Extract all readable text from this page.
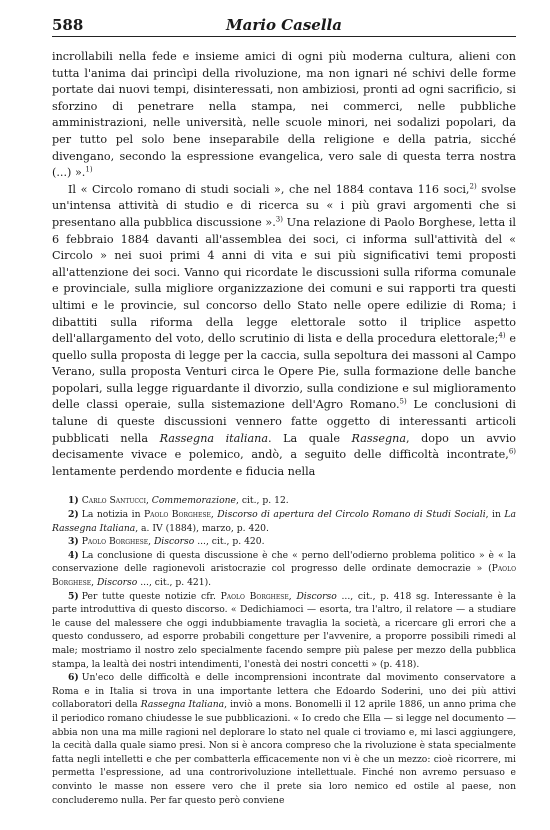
588	Mario Casella

incrollabili nella fede e insieme amici di ogni più moderna cultura, alieni con tutta l'anima dai princìpi della rivoluzione, ma non ignari né schivi delle forme portate dai nuovi tempi, disinteressati, non ambiziosi, pronti ad ogni sacrificio, si sforzino di penetrare nella stampa, nei commerci, nelle pubbliche amministrazioni, nelle università, nelle scuole minori, nei sodalizi popolari, da per tutto pel solo bene inseparabile della religione e della patria, sicché divengano, secondo la espressione evangelica, vero sale di questa terra nostra (...) ».$^{1)}$

Il « Circolo romano di studi sociali », che nel 1884 contava 116 soci,$^{2)}$ svolse un'intensa attività di studio e di ricerca su « i più gravi argomenti che si presentano alla pubblica discussione ».$^{3)}$ Una relazione di Paolo Borghese, letta il 6 febbraio 1884 davanti all'assemblea dei soci, ci informa sull'attività del « Circolo » nei suoi primi 4 anni di vita e sui più significativi temi proposti all'attenzione dei soci. Vanno qui ricordate le discussioni sulla riforma comunale e provinciale, sulla migliore organizzazione dei comuni e sui rapporti tra questi ultimi e le provincie, sul concorso dello Stato nelle opere edilizie di Roma; i dibattiti sulla riforma della legge elettorale sotto il triplice aspetto dell'allargamento del voto, dello scrutinio di lista e della procedura elettorale;$^{4)}$ e quello sulla proposta di legge per la caccia, sulla sepoltura dei massoni al Campo Verano, sulla proposta Venturi circa le Opere Pie, sulla formazione delle banche popolari, sulla legge riguardante il divorzio, sulla condizione e sul miglioramento delle classi operaie, sulla sistemazione dell'Agro Romano.$^{5)}$ Le conclusioni di talune di queste discussioni vennero fatte oggetto di interessanti articoli pubblicati nella Rassegna italiana. La quale Rassegna, dopo un avvio decisamente vivace e polemico, andò, a seguito delle difficoltà incontrate,$^{6)}$ lentamente perdendo mordente e fiducia nella

1) Carlo Santucci, Commemorazione, cit., p. 12.

2) La notizia in Paolo Borghese, Discorso di apertura del Circolo Romano di Studi Sociali, in La Rassegna Italiana, a. IV (1884), marzo, p. 420.

3) Paolo Borghese, Discorso ..., cit., p. 420.

4) La conclusione di questa discussione è che « perno dell'odierno problema politico » è « la conservazione delle ragionevoli aristocrazie col progresso delle ordinate democrazie » (Paolo Borghese, Discorso ..., cit., p. 421).

5) Per tutte queste notizie cfr. Paolo Borghese, Discorso ..., cit., p. 418 sg. Interessante è la parte introduttiva di questo discorso. « Dedichiamoci — esorta, tra l'altro, il relatore — a studiare le cause del malessere che oggi indubbiamente travaglia la società, a ricercare gli errori che a questo condussero, ad esporre probabili congetture per l'avvenire, a proporre possibili rimedi al male; mostriamo il nostro zelo specialmente facendo sempre più palese per mezzo della pubblica stampa, la lealtà dei nostri intendimenti, l'onestà dei nostri concetti » (p. 418).

6) Un'eco delle difficoltà e delle incomprensioni incontrate dal movimento conservatore a Roma e in Italia si trova in una importante lettera che Edoardo Soderini, uno dei più attivi collaboratori della Rassegna Italiana, inviò a mons. Bonomelli il 12 aprile 1886, un anno prima che il periodico romano chiudesse le sue pubblicazioni. « Io credo che Ella — si legge nel documento — abbia non una ma mille ragioni nel deplorare lo stato nel quale ci troviamo e, mi lasci aggiungere, la cecità dalla quale siamo presi. Non si è ancora compreso che la rivoluzione è stata specialmente fatta negli intelletti e che per combatterla efficacemente non vi è che un mezzo: cioè ricorrere, mi permetta l'espressione, ad una controrivoluzione intellettuale. Finché non avremo persuaso e convinto le masse non essere vero che il prete sia loro nemico ed ostile al paese, non concluderemo nulla. Per far questo però conviene
